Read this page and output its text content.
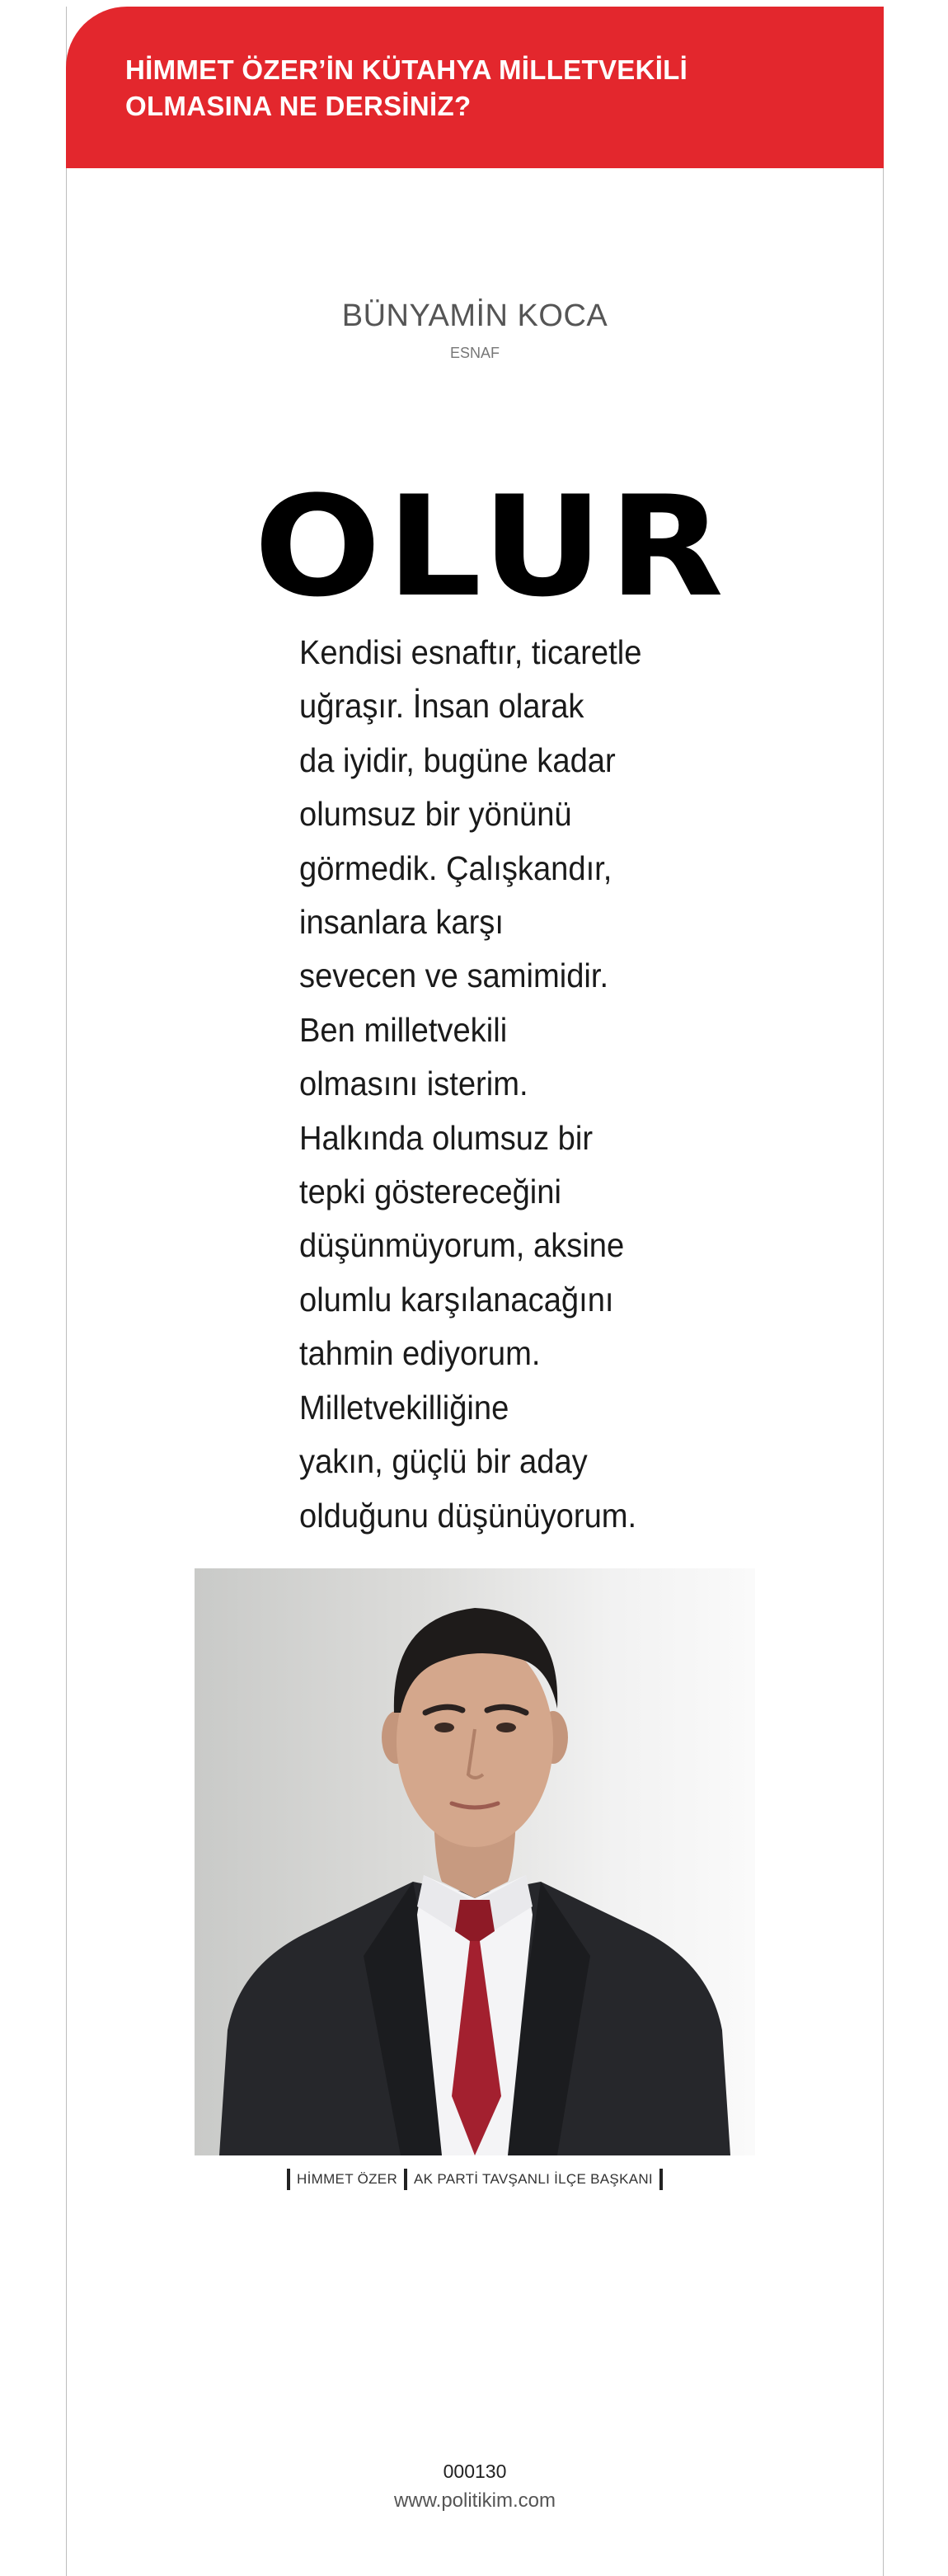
HİMMET ÖZER’İN KÜTAHYA MİLLETVEKİLİ
OLMASINA NE DERSİNİZ?
BÜNYAMİN KOCA
ESNAF
OLUR
Kendisi esnaftır, ticaretle
uğraşır. İnsan olarak
da iyidir, bugüne kadar
olumsuz bir yönünü
görmedik. Çalışkandır,
insanlara karşı
sevecen ve samimidir.
Ben milletvekili
olmasını isterim.
Halkında olumsuz bir
tepki göstereceğini
düşünmüyorum, aksine
olumlu karşılanacağını
tahmin ediyorum.
Milletvekilliğine
yakın, güçlü bir aday
olduğunu düşünüyorum.
HİMMET ÖZER AK PARTİ TAVŞANLI İLÇE BAŞKANI
000130
www.politikim.com
